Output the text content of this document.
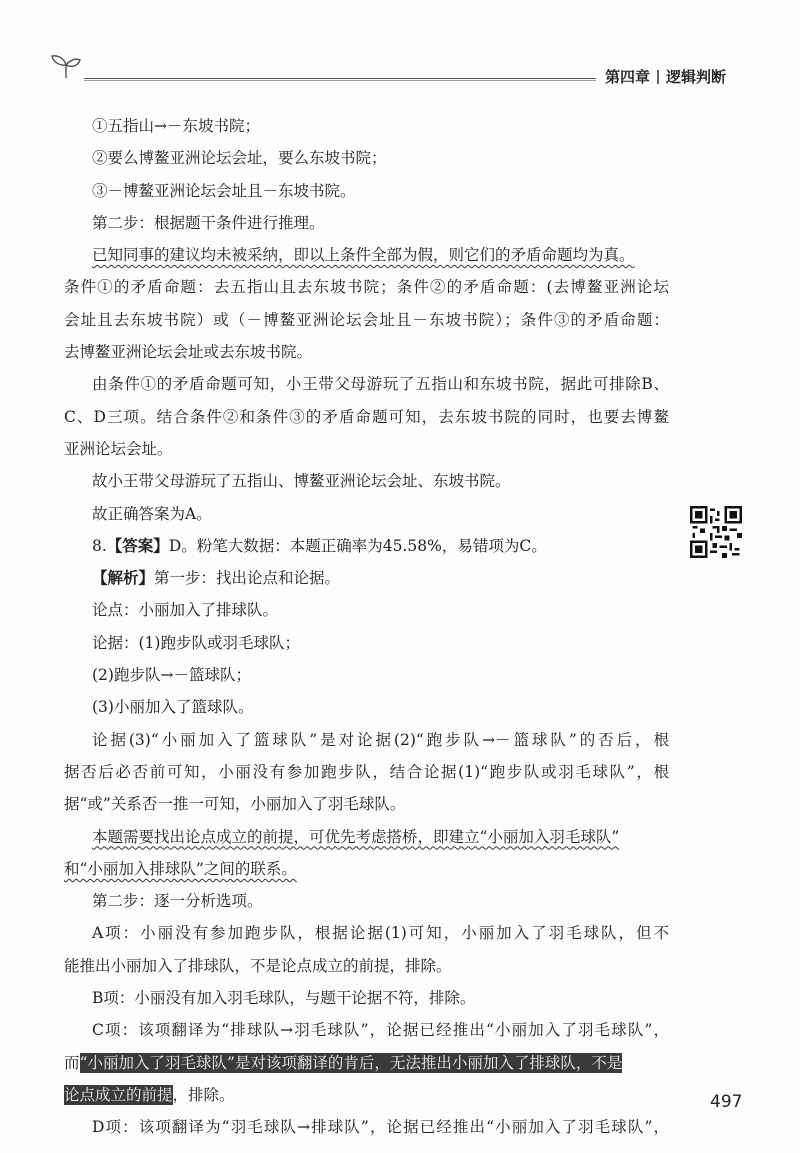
第四章 逻辑判断
①五指山→－东坡书院；
②要么博鳌亚洲论坛会址，要么东坡书院；
③－博鳌亚洲论坛会址且－东坡书院。
第二步：根据题干条件进行推理。
已知同事的建议均未被采纳，即以上条件全部为假，则它们的矛盾命题均为真。
条件①的矛盾命题：去五指山且去东坡书院；条件②的矛盾命题：(去博鳌亚洲论坛
会址且去东坡书院）或（－博鳌亚洲论坛会址且－东坡书院）；条件③的矛盾命题：
去博鳌亚洲论坛会址或去东坡书院。
由条件①的矛盾命题可知，小王带父母游玩了五指山和东坡书院，据此可排除B、
C、D三项。结合条件②和条件③的矛盾命题可知，去东坡书院的同时，也要去博鳌
亚洲论坛会址。
故小王带父母游玩了五指山、博鳌亚洲论坛会址、东坡书院。
故正确答案为A。
8.【答案】D。粉笔大数据：本题正确率为45.58%，易错项为C。
【解析】第一步：找出论点和论据。
论点：小丽加入了排球队。
论据：(1)跑步队或羽毛球队；
(2)跑步队→－篮球队；
(3)小丽加入了篮球队。
论据(3)“小丽加入了篮球队”是对论据(2)“跑步队→－篮球队”的否后，根
据否后必否前可知，小丽没有参加跑步队，结合论据(1)“跑步队或羽毛球队”，根
据“或”关系否一推一可知，小丽加入了羽毛球队。
本题需要找出论点成立的前提，可优先考虑搭桥，即建立“小丽加入羽毛球队”
和“小丽加入排球队”之间的联系。
第二步：逐一分析选项。
A项：小丽没有参加跑步队，根据论据(1)可知，小丽加入了羽毛球队，但不
能推出小丽加入了排球队，不是论点成立的前提，排除。
B项：小丽没有加入羽毛球队，与题干论据不符，排除。
C项：该项翻译为“排球队→羽毛球队”，论据已经推出“小丽加入了羽毛球队”，
而“小丽加入了羽毛球队”是对该项翻译的肯后，无法推出小丽加入了排球队，不是
论点成立的前提，排除。
D项：该项翻译为“羽毛球队→排球队”，论据已经推出“小丽加入了羽毛球队”，
497
